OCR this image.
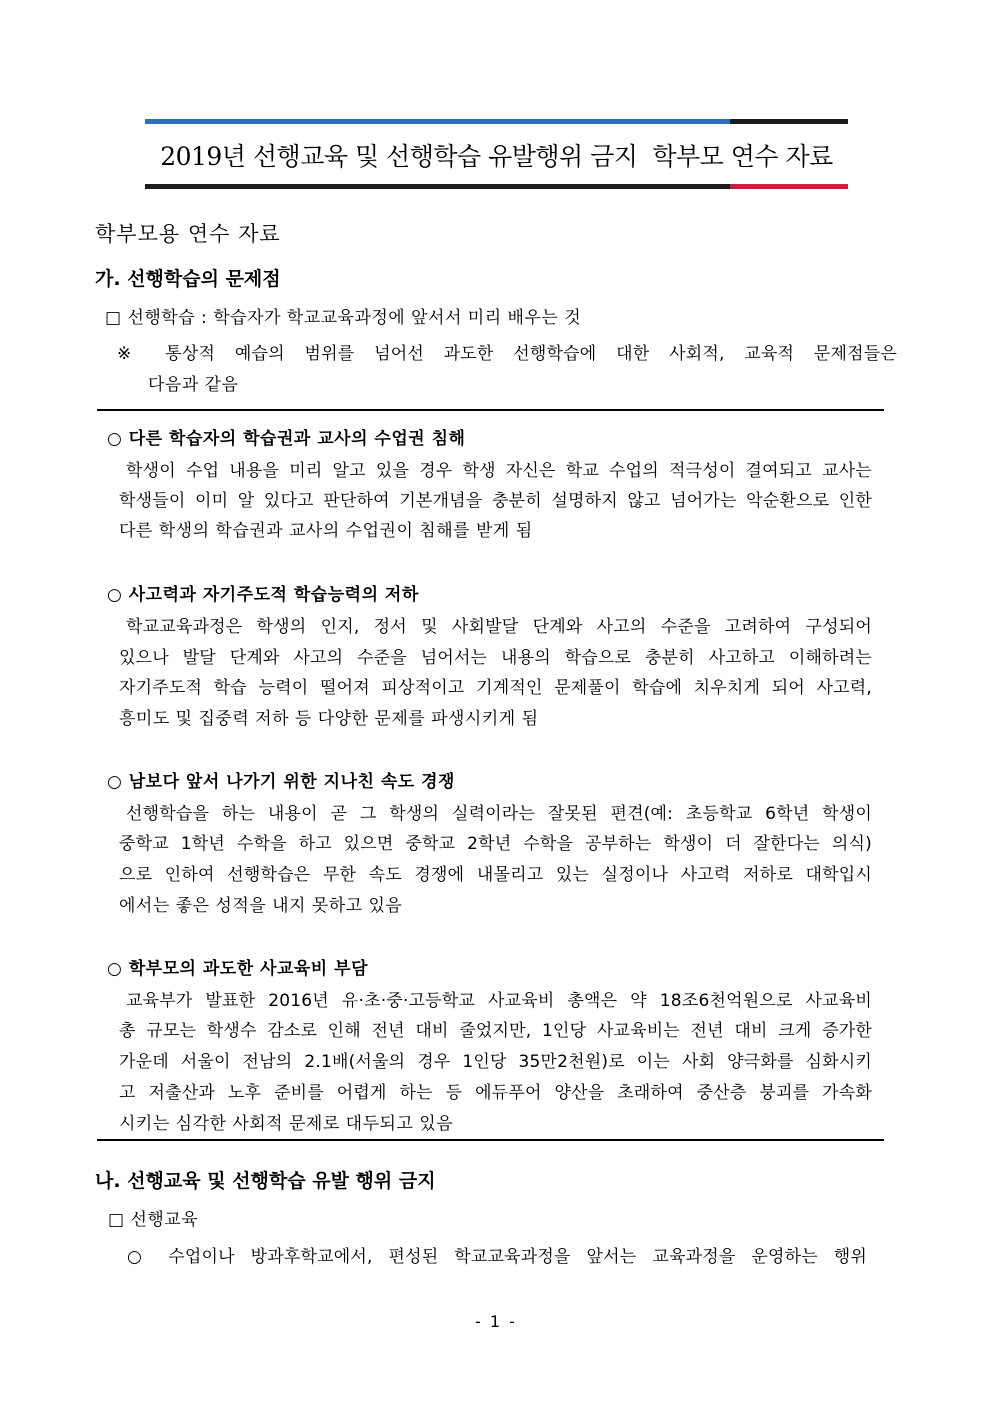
2019년 선행교육 및 선행학습 유발행위 금지  학부모 연수 자료
학부모용 연수 자료
가. 선행학습의 문제점
□ 선행학습 : 학습자가 학교교육과정에 앞서서 미리 배우는 것
※ 통상적 예습의 범위를 넘어선 과도한 선행학습에 대한 사회적, 교육적 문제점들은
다음과 같음
○ 다른 학습자의 학습권과 교사의 수업권 침해
학생이 수업 내용을 미리 알고 있을 경우 학생 자신은 학교 수업의 적극성이 결여되고 교사는
학생들이 이미 알 있다고 판단하여 기본개념을 충분히 설명하지 않고 넘어가는 악순환으로 인한
다른 학생의 학습권과 교사의 수업권이 침해를 받게 됨
○ 사고력과 자기주도적 학습능력의 저하
학교교육과정은 학생의 인지, 정서 및 사회발달 단계와 사고의 수준을 고려하여 구성되어
있으나 발달 단계와 사고의 수준을 넘어서는 내용의 학습으로 충분히 사고하고 이해하려는
자기주도적 학습 능력이 떨어져 피상적이고 기계적인 문제풀이 학습에 치우치게 되어 사고력,
흥미도 및 집중력 저하 등 다양한 문제를 파생시키게 됨
○ 남보다 앞서 나가기 위한 지나친 속도 경쟁
선행학습을 하는 내용이 곧 그 학생의 실력이라는 잘못된 편견(예: 초등학교 6학년 학생이
중학교 1학년 수학을 하고 있으면 중학교 2학년 수학을 공부하는 학생이 더 잘한다는 의식)
으로 인하여 선행학습은 무한 속도 경쟁에 내몰리고 있는 실정이나 사고력 저하로 대학입시
에서는 좋은 성적을 내지 못하고 있음
○ 학부모의 과도한 사교육비 부담
교육부가 발표한 2016년 유·초·중·고등학교 사교육비 총액은 약 18조6천억원으로 사교육비
총 규모는 학생수 감소로 인해 전년 대비 줄었지만, 1인당 사교육비는 전년 대비 크게 증가한
가운데 서울이 전남의 2.1배(서울의 경우 1인당 35만2천원)로 이는 사회 양극화를 심화시키
고 저출산과 노후 준비를 어렵게 하는 등 에듀푸어 양산을 초래하여 중산층 붕괴를 가속화
시키는 심각한 사회적 문제로 대두되고 있음
나. 선행교육 및 선행학습 유발 행위 금지
□ 선행교육
○ 수업이나 방과후학교에서, 편성된 학교교육과정을 앞서는 교육과정을 운영하는 행위
- 1 -
